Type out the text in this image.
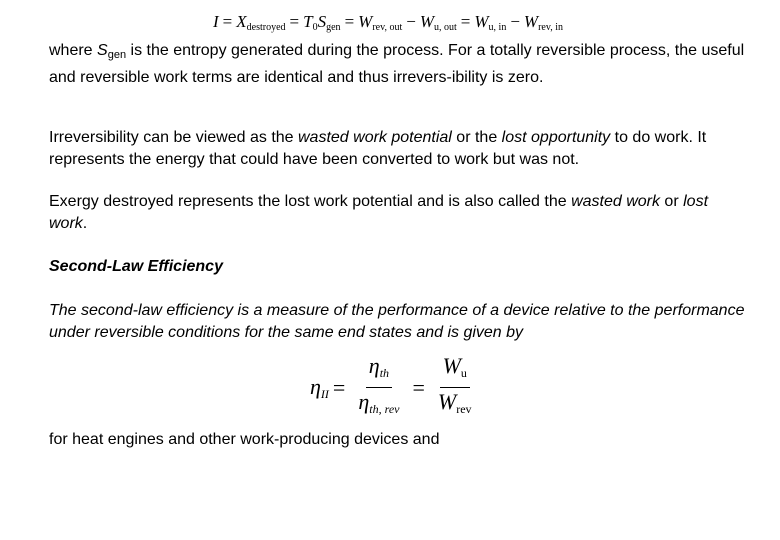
$I = X_{destroyed} = T_0S_{gen} = W_{rev, out} - W_{u, out} = W_{u, in} - W_{rev, in}$

where $S_{gen}$ is the entropy generated during the process. For a totally reversible process, the useful and reversible work terms are identical and thus irrevers-ibility is zero.

Irreversibility can be viewed as the wasted work potential or the lost opportunity to do work. It represents the energy that could have been converted to work but was not.

Exergy destroyed represents the lost work potential and is also called the wasted work or lost work.

Second-Law Efficiency

The second-law efficiency is a measure of the performance of a device relative to the performance under reversible conditions for the same end states and is given by

$\eta_{II} = \frac{\eta_{th}}{\eta_{th, rev}} = \frac{W_u}{W_{rev}}$

for heat engines and other work-producing devices and
